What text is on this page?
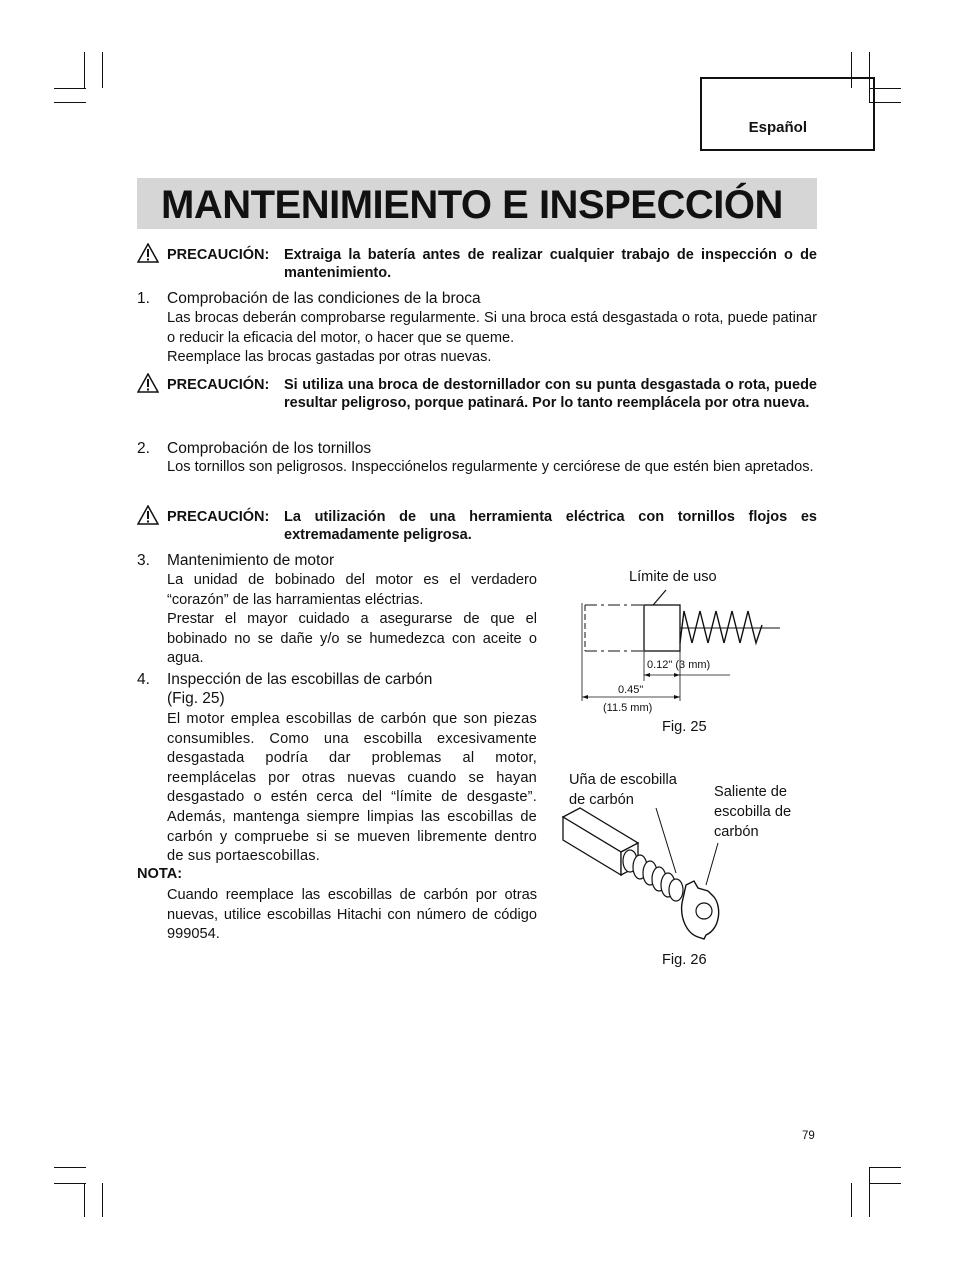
Español
MANTENIMIENTO E INSPECCIÓN
PRECAUCIÓN: Extraiga la batería antes de realizar cualquier trabajo de inspección o de mantenimiento.
1. Comprobación de las condiciones de la broca
Las brocas deberán comprobarse regularmente. Si una broca está desgastada o rota, puede patinar o reducir la eficacia del motor, o hacer que se queme.
Reemplace las brocas gastadas por otras nuevas.
PRECAUCIÓN: Si utiliza una broca de destornillador con su punta desgastada o rota, puede resultar peligroso, porque patinará. Por lo tanto reemplácela por otra nueva.
2. Comprobación de los tornillos
Los tornillos son peligrosos. Inspecciónelos regularmente y cerciórese de que estén bien apretados.
PRECAUCIÓN: La utilización de una herramienta eléctrica con tornillos flojos es extremadamente peligrosa.
3. Mantenimiento de motor
La unidad de bobinado del motor es el verdadero “corazón” de las harramientas eléctrias.
Prestar el mayor cuidado a asegurarse de que el bobinado no se dañe y/o se humedezca con aceite o agua.
4. Inspección de las escobillas de carbón
(Fig. 25)
El motor emplea escobillas de carbón que son piezas consumibles. Como una escobilla excesivamente desgastada podría dar problemas al motor, reemplácelas por otras nuevas cuando se hayan desgastado o estén cerca del “límite de desgaste”. Además, mantenga siempre limpias las escobillas de carbón y compruebe si se mueven libremente dentro de sus portaescobillas.
NOTA:
Cuando reemplace las escobillas de carbón por otras nuevas, utilice escobillas Hitachi con número de código 999054.
Límite de uso
0.12" (3 mm)
0.45"
(11.5 mm)
Fig. 25
Uña de escobilla
de carbón	Saliente de
escobilla de
carbón
Fig. 26
79
